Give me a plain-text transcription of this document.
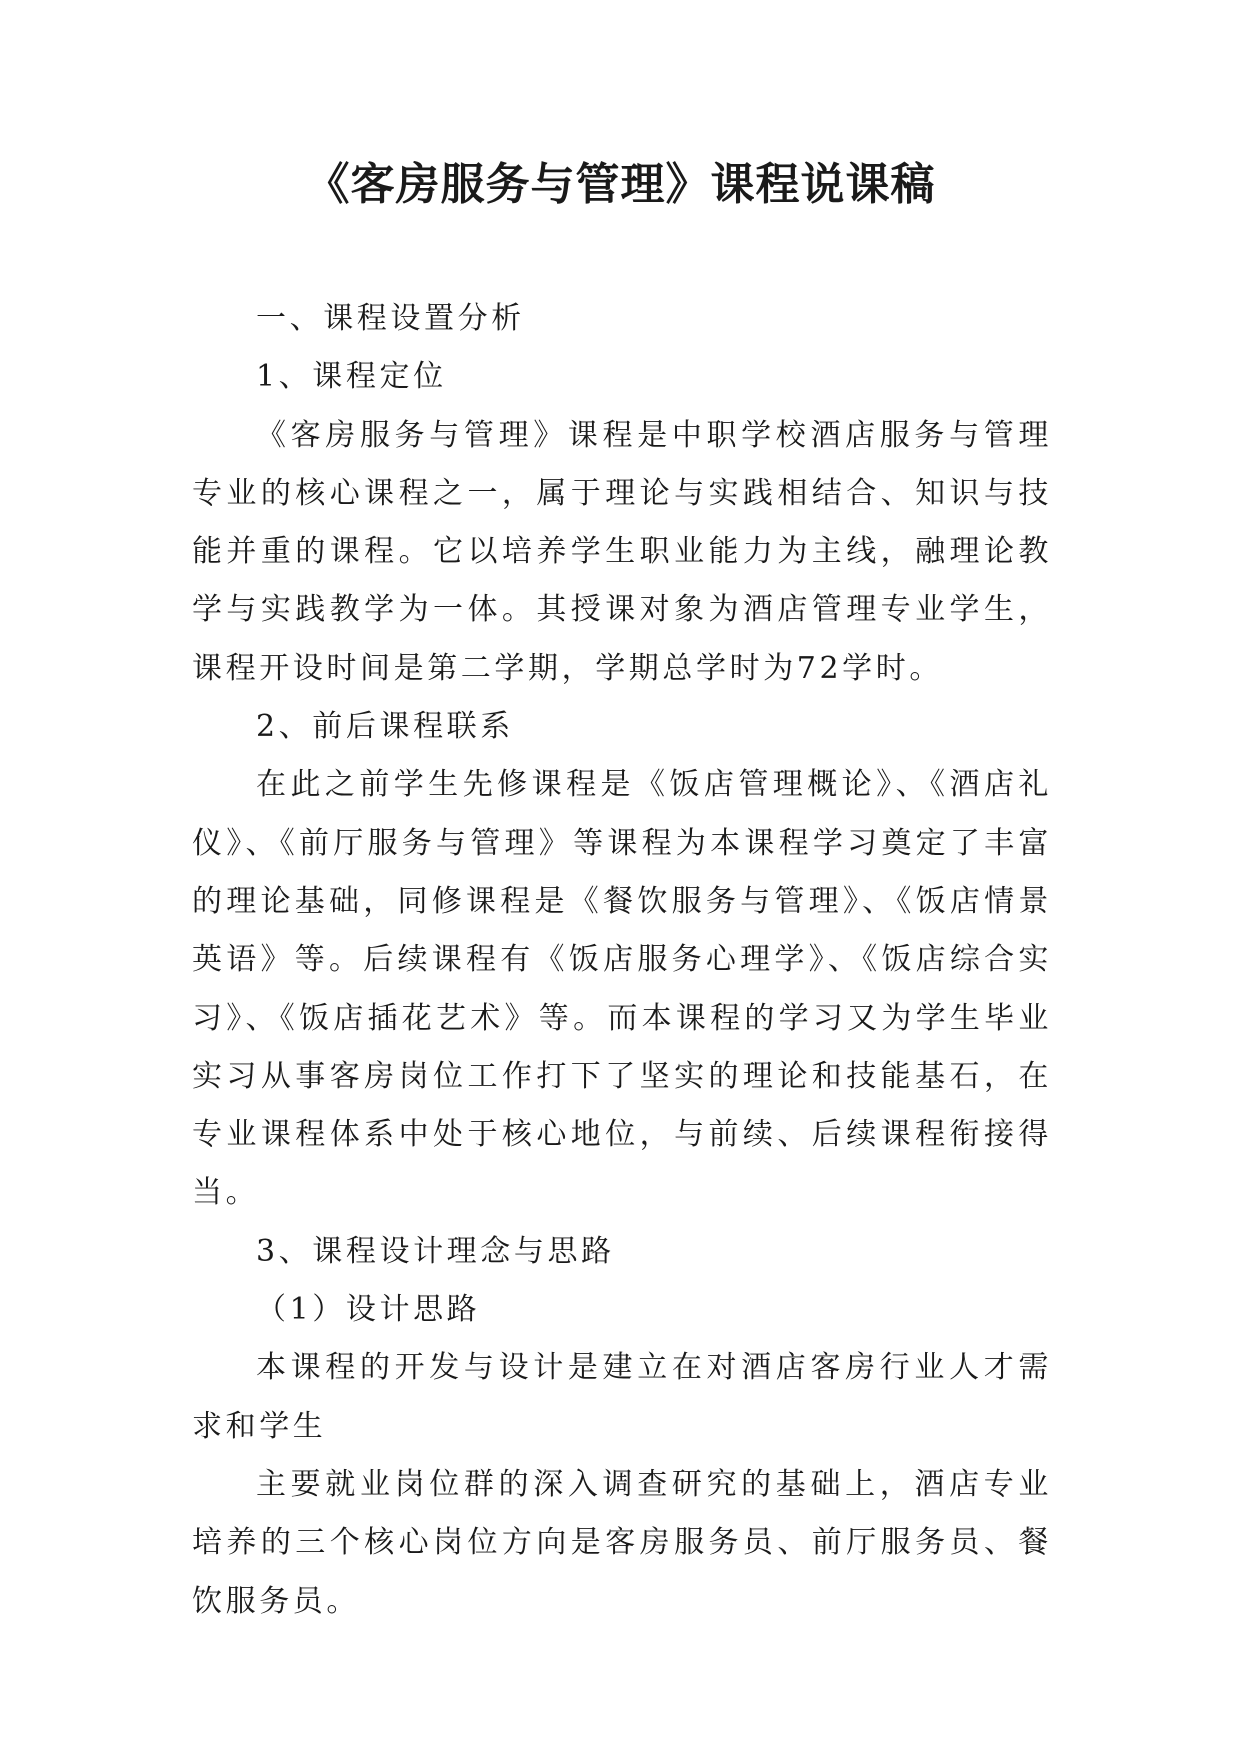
《客房服务与管理》课程说课稿

一、课程设置分析

1、课程定位

《客房服务与管理》课程是中职学校酒店服务与管理专业的核心课程之一，属于理论与实践相结合、知识与技能并重的课程。它以培养学生职业能力为主线，融理论教学与实践教学为一体。其授课对象为酒店管理专业学生，课程开设时间是第二学期，学期总学时为72学时。

2、前后课程联系

在此之前学生先修课程是《饭店管理概论》、《酒店礼仪》、《前厅服务与管理》等课程为本课程学习奠定了丰富的理论基础，同修课程是《餐饮服务与管理》、《饭店情景英语》等。后续课程有《饭店服务心理学》、《饭店综合实习》、《饭店插花艺术》等。而本课程的学习又为学生毕业实习从事客房岗位工作打下了坚实的理论和技能基石，在专业课程体系中处于核心地位，与前续、后续课程衔接得当。

3、课程设计理念与思路

（1）设计思路

本课程的开发与设计是建立在对酒店客房行业人才需求和学生

主要就业岗位群的深入调查研究的基础上，酒店专业培养的三个核心岗位方向是客房服务员、前厅服务员、餐饮服务员。
